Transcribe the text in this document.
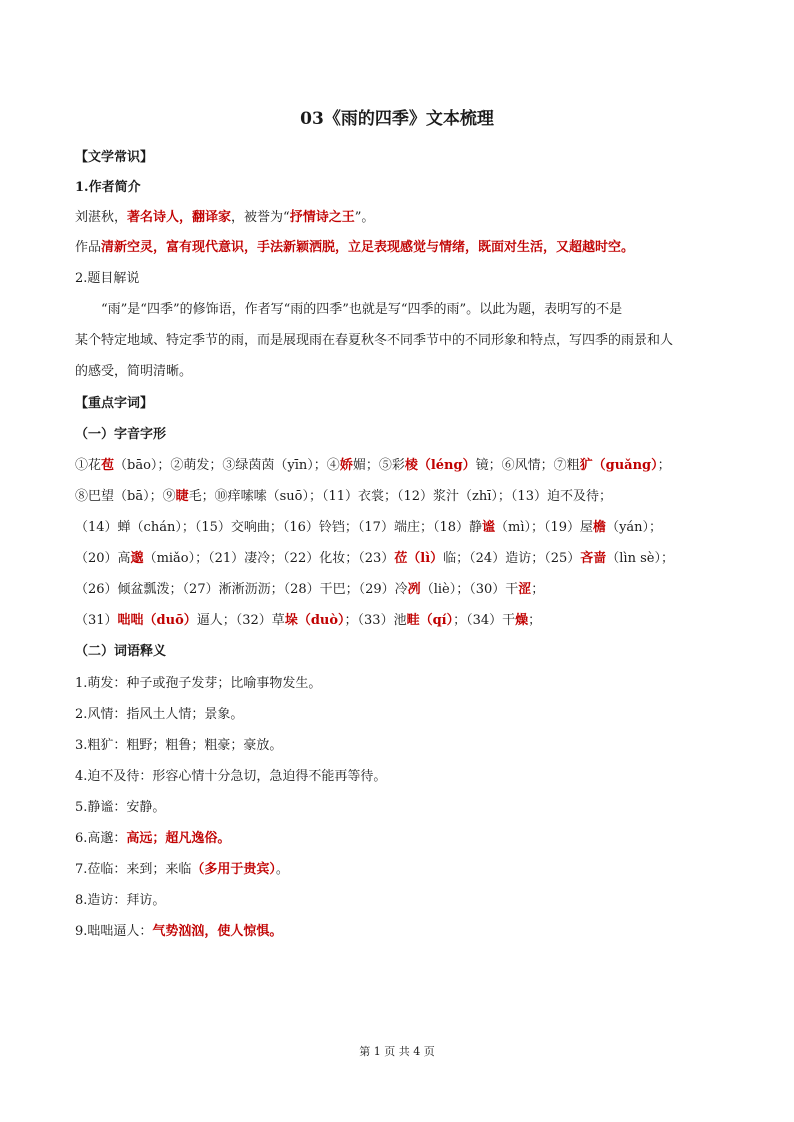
03《雨的四季》文本梳理
【文学常识】
1.作者简介
刘湛秋，著名诗人，翻译家，被誉为“抒情诗之王”。
作品清新空灵，富有现代意识，手法新颖洒脱，立足表现感觉与情绪，既面对生活，又超越时空。
2.题目解说
“雨”是“四季”的修饰语，作者写“雨的四季”也就是写“四季的雨”。以此为题，表明写的不是
某个特定地域、特定季节的雨，而是展现雨在春夏秋冬不同季节中的不同形象和特点，写四季的雨景和人
的感受，简明清晰。
【重点字词】
（一）字音字形
①花苞（bāo）；②萌发；③绿茵茵（yīn）；④娇媚；⑤彩棱（léng）镜；⑥风情；⑦粗犷（guǎng）；
⑧巴望（bā）；⑨睫毛；⑩痒嗦嗦（suō）；（11）衣裳；（12）浆汁（zhī）；（13）迫不及待；
（14）蝉（chán）；（15）交响曲；（16）铃铛；（17）端庄；（18）静谧（mì）；（19）屋檐（yán）；
（20）高邈（miǎo）；（21）凄冷；（22）化妆；（23）莅（lì）临；（24）造访；（25）吝啬（lìn sè）；
（26）倾盆瓢泼；（27）淅淅沥沥；（28）干巴；（29）冷冽（liè）；（30）干涩；
（31）咄咄（duō）逼人；（32）草垛（duò）；（33）池畦（qí）；（34）干燥；
（二）词语释义
1.萌发：种子或孢子发芽；比喻事物发生。
2.风情：指风土人情；景象。
3.粗犷：粗野；粗鲁；粗豪；豪放。
4.迫不及待：形容心情十分急切，急迫得不能再等待。
5.静谧：安静。
6.高邈：高远；超凡逸俗。
7.莅临：来到；来临（多用于贵宾）。
8.造访：拜访。
9.咄咄逼人：气势汹汹，使人惊惧。
第 1 页 共 4 页
